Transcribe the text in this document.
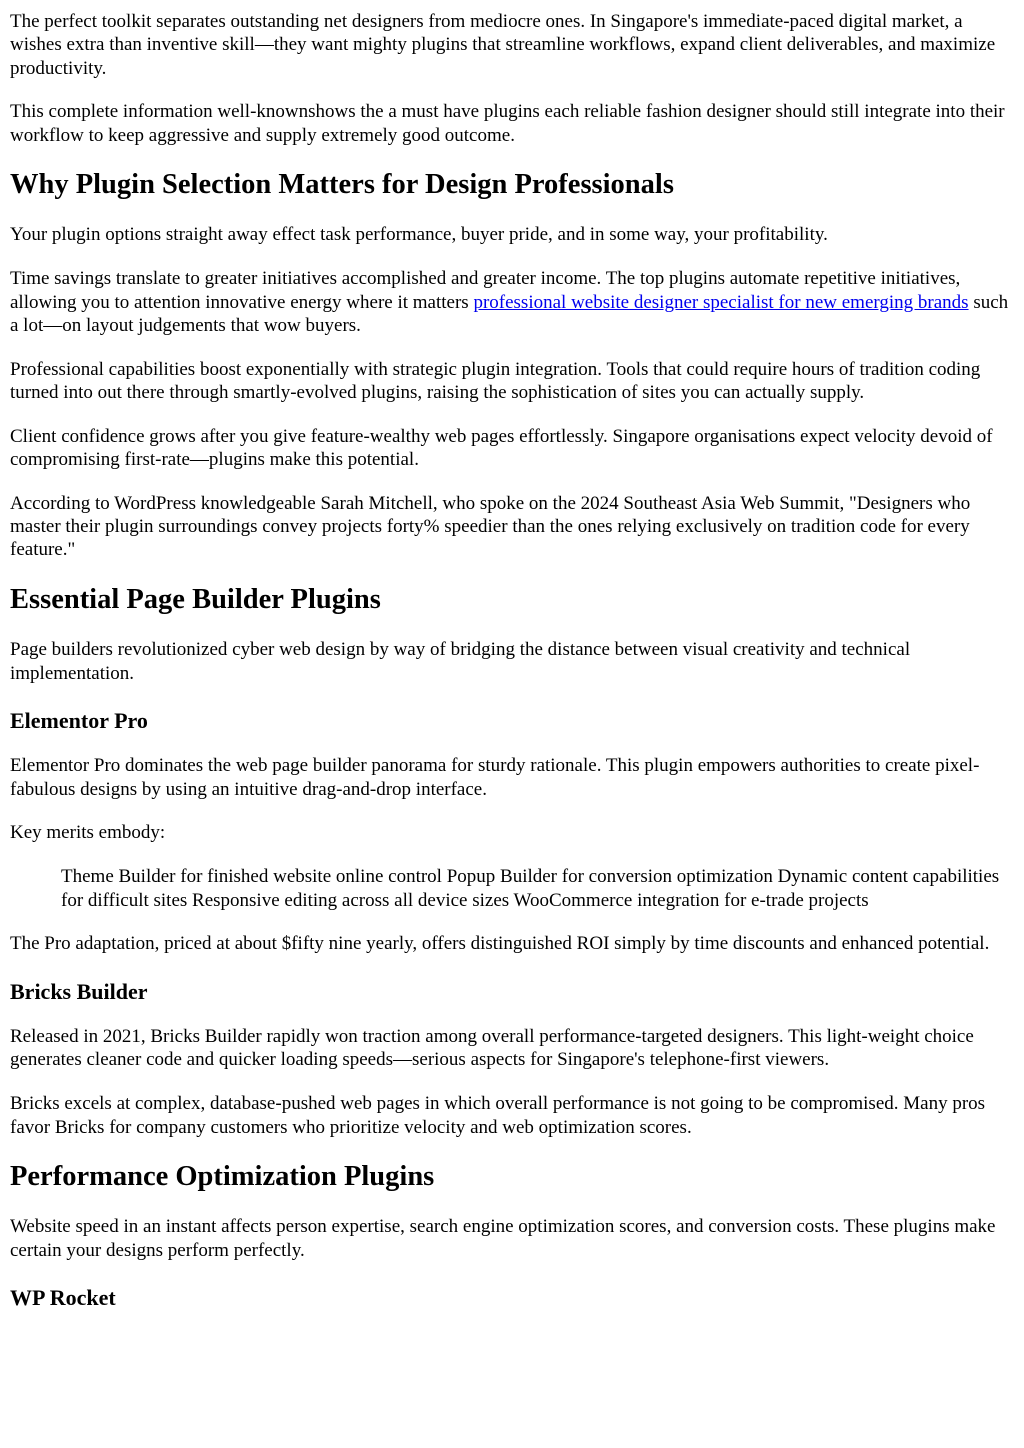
The perfect toolkit separates outstanding net designers from mediocre ones. In Singapore's immediate-paced digital market, a wishes extra than inventive skill—they want mighty plugins that streamline workflows, expand client deliverables, and maximize productivity.

This complete information well-knownshows the a must have plugins each reliable fashion designer should still integrate into their workflow to keep aggressive and supply extremely good outcome.

Why Plugin Selection Matters for Design Professionals

Your plugin options straight away effect task performance, buyer pride, and in some way, your profitability.

Time savings translate to greater initiatives accomplished and greater income. The top plugins automate repetitive initiatives, allowing you to attention innovative energy where it matters professional website designer specialist for new emerging brands such a lot—on layout judgements that wow buyers.

Professional capabilities boost exponentially with strategic plugin integration. Tools that could require hours of tradition coding turned into out there through smartly-evolved plugins, raising the sophistication of sites you can actually supply.

Client confidence grows after you give feature-wealthy web pages effortlessly. Singapore organisations expect velocity devoid of compromising first-rate—plugins make this potential.

According to WordPress knowledgeable Sarah Mitchell, who spoke on the 2024 Southeast Asia Web Summit, "Designers who master their plugin surroundings convey projects forty% speedier than the ones relying exclusively on tradition code for every feature."

Essential Page Builder Plugins

Page builders revolutionized cyber web design by way of bridging the distance between visual creativity and technical implementation.

Elementor Pro

Elementor Pro dominates the web page builder panorama for sturdy rationale. This plugin empowers authorities to create pixel-fabulous designs by using an intuitive drag-and-drop interface.

Key merits embody:

Theme Builder for finished website online control Popup Builder for conversion optimization Dynamic content capabilities for difficult sites Responsive editing across all device sizes WooCommerce integration for e-trade projects

The Pro adaptation, priced at about $fifty nine yearly, offers distinguished ROI simply by time discounts and enhanced potential.

Bricks Builder

Released in 2021, Bricks Builder rapidly won traction among overall performance-targeted designers. This light-weight choice generates cleaner code and quicker loading speeds—serious aspects for Singapore's telephone-first viewers.

Bricks excels at complex, database-pushed web pages in which overall performance is not going to be compromised. Many pros favor Bricks for company customers who prioritize velocity and web optimization scores.

Performance Optimization Plugins

Website speed in an instant affects person expertise, search engine optimization scores, and conversion costs. These plugins make certain your designs perform perfectly.

WP Rocket
